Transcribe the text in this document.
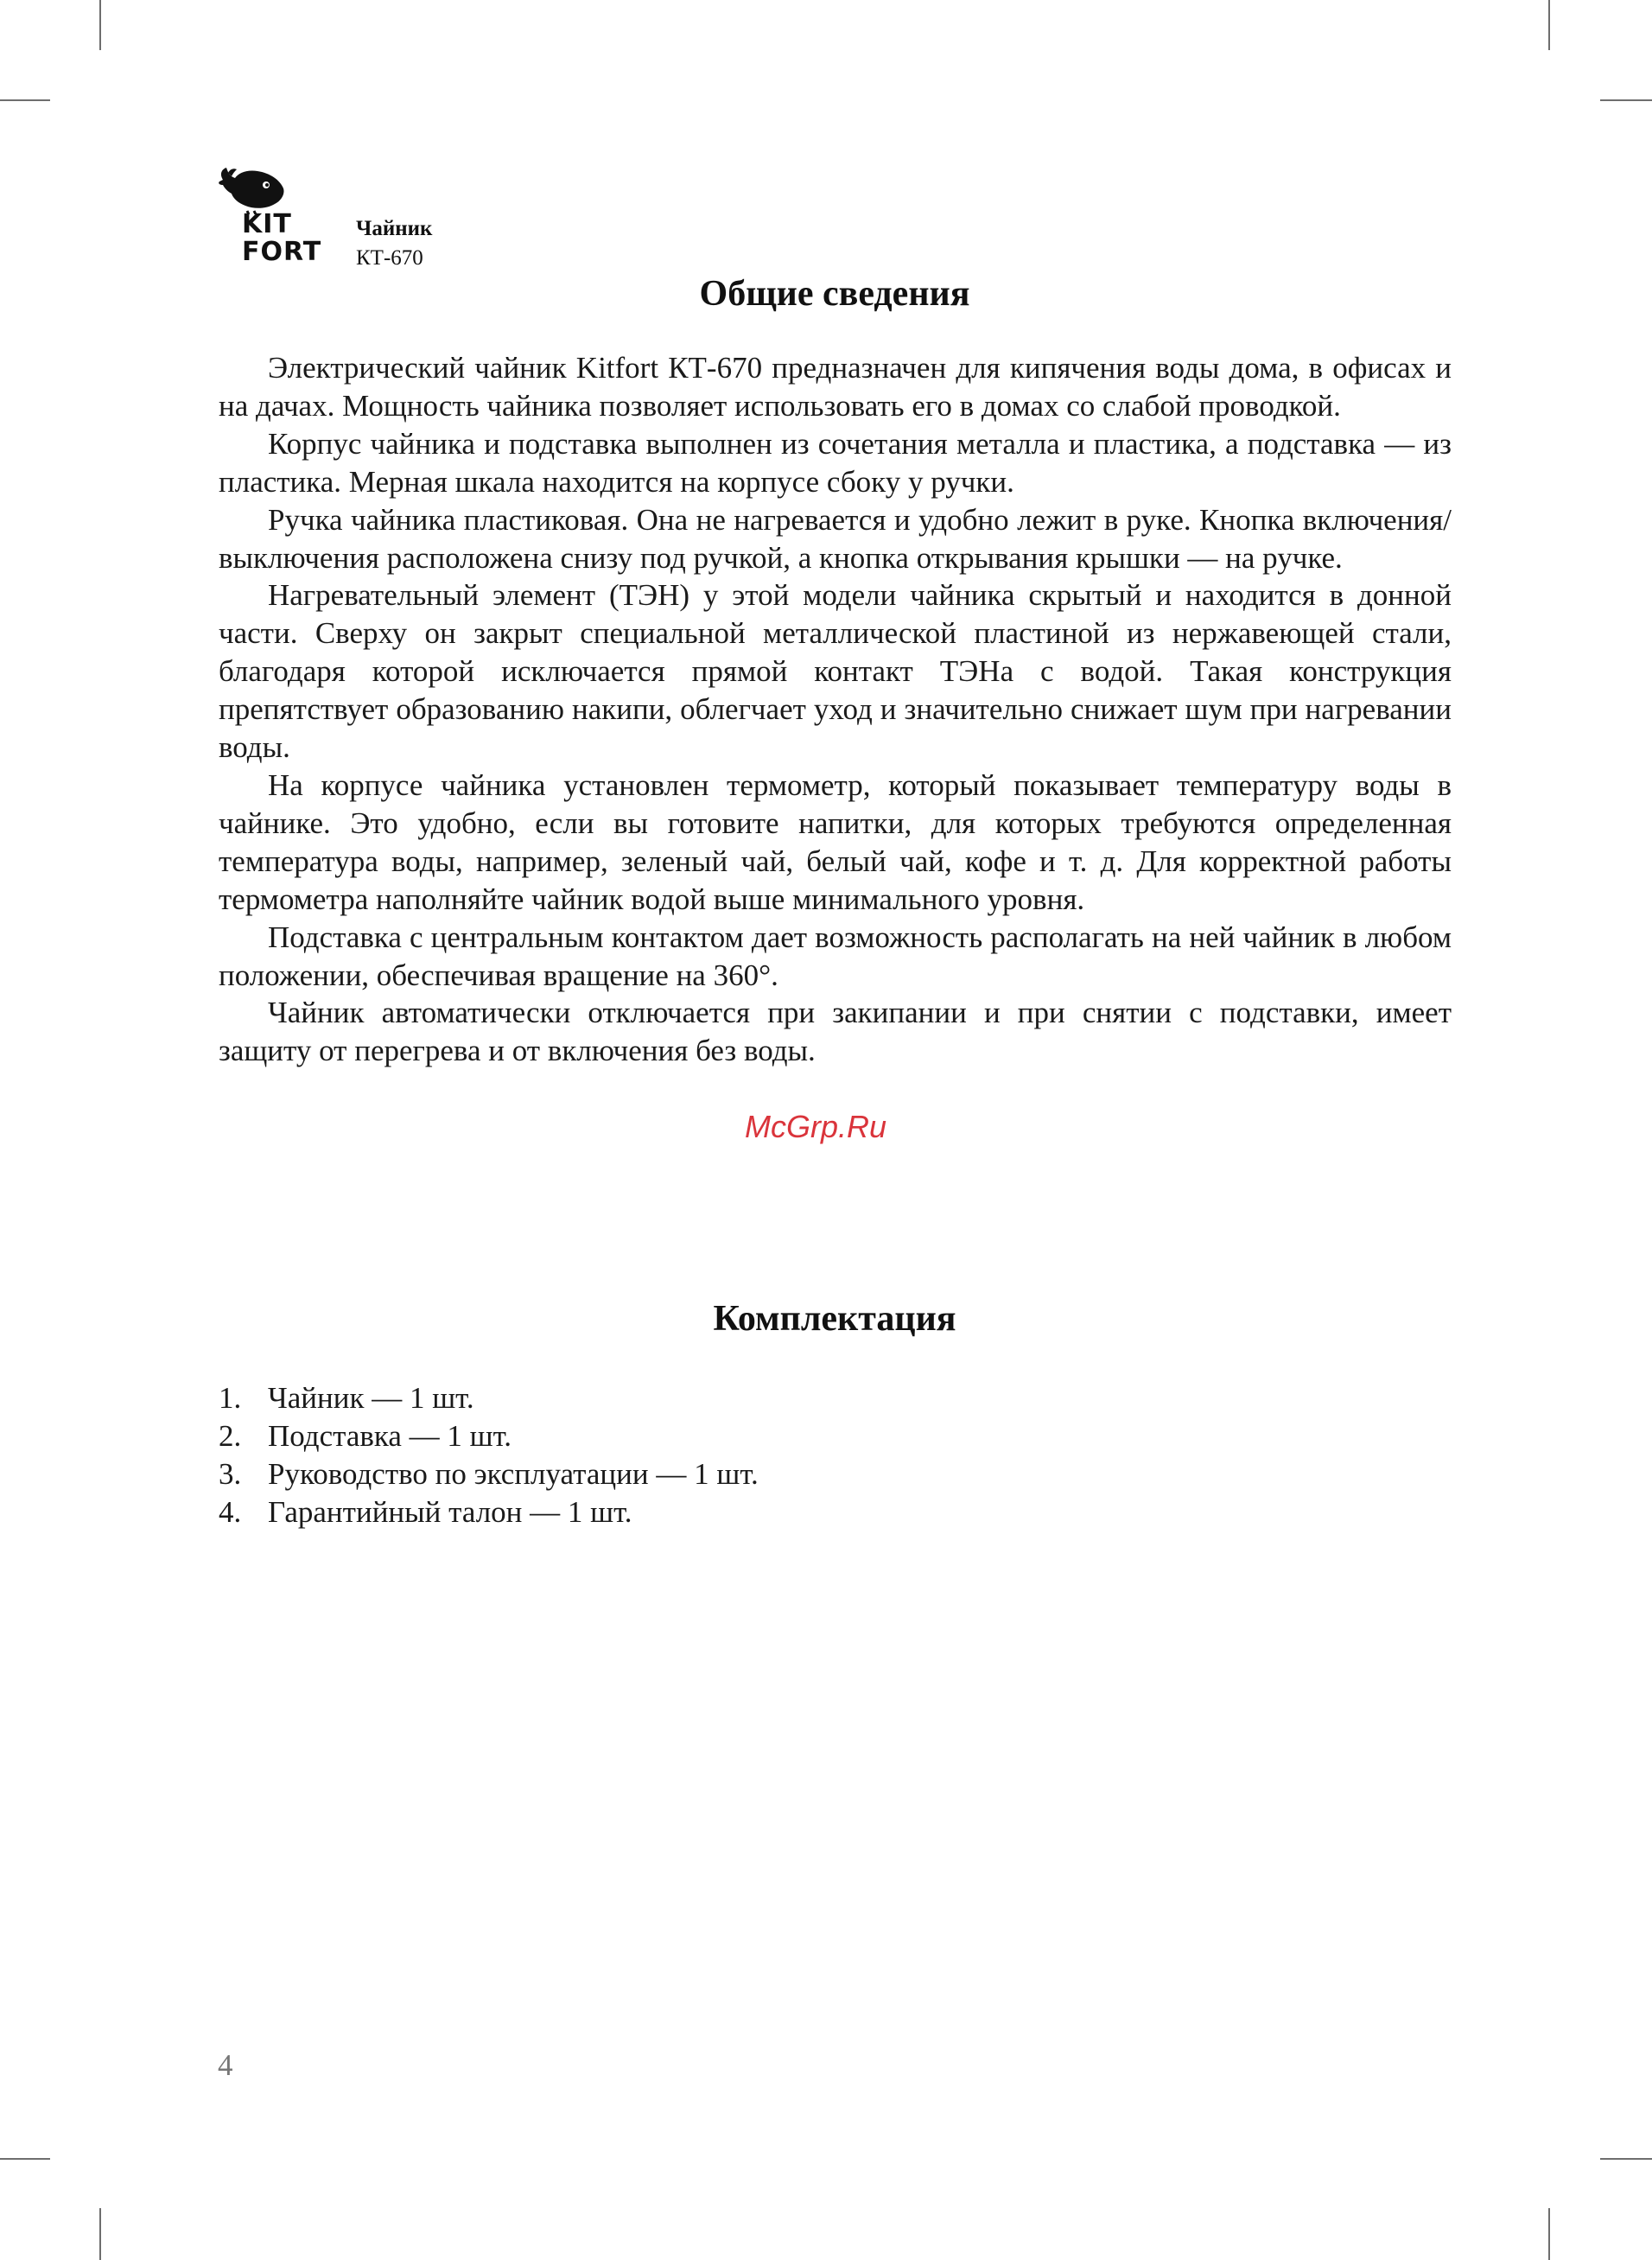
KIT
FORT
Чайник
КТ-670
Общие сведения

Электрический чайник Kitfort КТ-670 предназначен для кипячения воды дома, в офисах и на дачах. Мощность чайника позволяет использовать его в домах со слабой проводкой.

Корпус чайника и подставка выполнен из сочетания металла и пластика, а подставка — из пластика. Мерная шкала находится на корпусе сбоку у ручки.

Ручка чайника пластиковая. Она не нагревается и удобно лежит в руке. Кнопка включения/выключения расположена снизу под ручкой, а кнопка открывания крышки — на ручке.

Нагревательный элемент (ТЭН) у этой модели чайника скрытый и находится в донной части. Сверху он закрыт специальной металлической пластиной из нержавеющей стали, благодаря которой исключается прямой контакт ТЭНа с водой. Такая конструкция препятствует образованию накипи, облегчает уход и значительно снижает шум при нагревании воды.

На корпусе чайника установлен термометр, который показывает температуру воды в чайнике. Это удобно, если вы готовите напитки, для которых требуются определенная температура воды, например, зеленый чай, белый чай, кофе и т. д. Для корректной работы термометра наполняйте чайник водой выше минимального уровня.

Подставка с центральным контактом дает возможность располагать на ней чайник в любом положении, обеспечивая вращение на 360°.

Чайник автоматически отключается при закипании и при снятии с подставки, имеет защиту от перегрева и от включения без воды.

McGrp.Ru
Комплектация
1. Чайник — 1 шт.
2. Подставка — 1 шт.
3. Руководство по эксплуатации — 1 шт.
4. Гарантийный талон — 1 шт.
4
